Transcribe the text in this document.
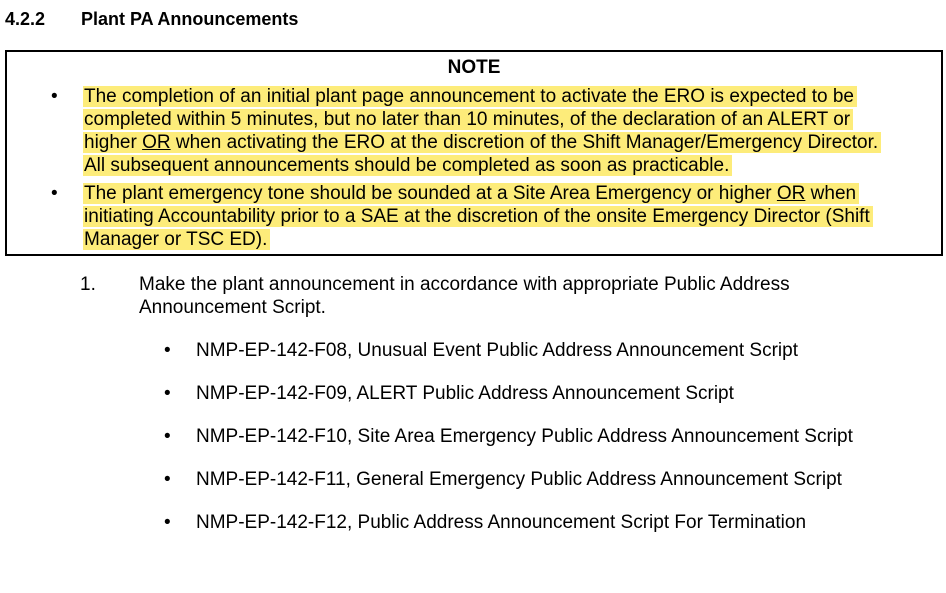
4.2.2 Plant PA Announcements
NOTE
•
•
The completion of an initial plant page announcement to activate the ERO is expected to be
completed within 5 minutes, but no later than 10 minutes, of the declaration of an ALERT or
higher OR when activating the ERO at the discretion of the Shift Manager/Emergency Director.
All subsequent announcements should be completed as soon as practicable.
The plant emergency tone should be sounded at a Site Area Emergency or higher OR when
initiating Accountability prior to a SAE at the discretion of the onsite Emergency Director (Shift
Manager or TSC ED).
1. Make the plant announcement in accordance with appropriate Public Address
Announcement Script.
• NMP-EP-142-F08, Unusual Event Public Address Announcement Script
• NMP-EP-142-F09, ALERT Public Address Announcement Script
• NMP-EP-142-F10, Site Area Emergency Public Address Announcement Script
• NMP-EP-142-F11, General Emergency Public Address Announcement Script
• NMP-EP-142-F12, Public Address Announcement Script For Termination
